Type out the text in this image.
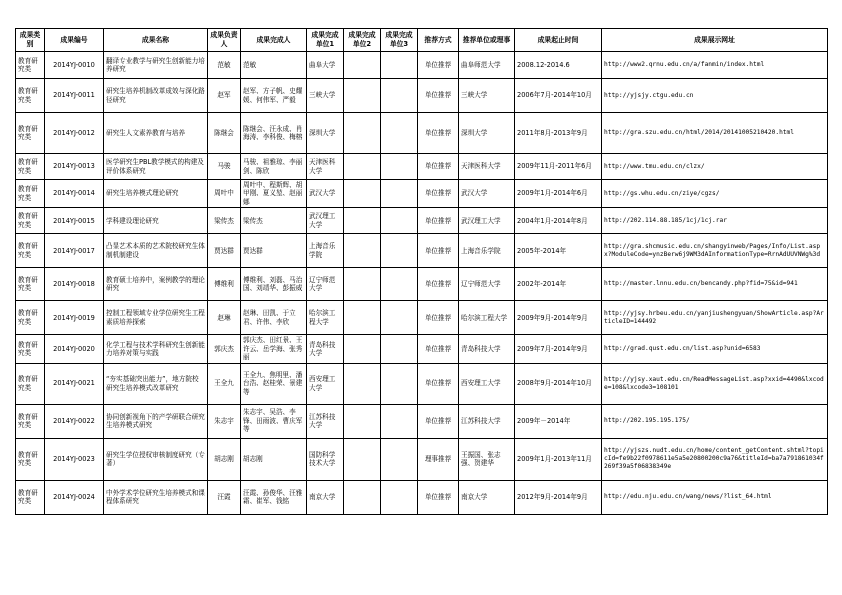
成果类别	成果编号	成果名称	成果负责人	成果完成人	成果完成单位1	成果完成单位2	成果完成单位3	推荐方式	推荐单位或理事	成果起止时间	成果展示网址
教育研究类	2014YJ-0010	翻译专业教学与研究生创新能力培养研究	范敏	范敏	曲阜大学			单位推荐	曲阜师范大学	2008.12-2014.6	http://www2.qrnu.edu.cn/a/fanmin/index.html
教育研究类	2014YJ-0011	研究生培养机制改革成效与深化路径研究	赵军	赵军、方子帆、史耀媛、何伟军、严毅	三峡大学			单位推荐	三峡大学	2006年7月-2014年10月	http://yjsjy.ctgu.edu.cn
教育研究类	2014YJ-0012	研究生人文素养教育与培养	陈继会	陈继会、汪永成、肖海涛、李科俊、梅榕	深圳大学			单位推荐	深圳大学	2011年8月-2013年9月	http://gra.szu.edu.cn/html/2014/20141005210420.html
教育研究类	2014YJ-0013	医学研究生PBL教学模式的构建及评价体系研究	马骏	马骏、祖雅琼、李丽剑、陈欣	天津医科大学			单位推荐	天津医科大学	2009年11月-2011年6月	http://www.tmu.edu.cn/clzx/
教育研究类	2014YJ-0014	研究生培养模式理论研究	周叶中	周叶中、程斯辉、胡甲刚、夏义堃、赵丽娜	武汉大学			单位推荐	武汉大学	2009年1月-2014年6月	http://gs.whu.edu.cn/ziye/cgzs/
教育研究类	2014YJ-0015	学科建设理论研究	梁传杰	梁传杰	武汉理工大学			单位推荐	武汉理工大学	2004年1月-2014年8月	http://202.114.88.185/1cj/1cj.rar
教育研究类	2014YJ-0017	凸显艺术本质的艺术院校研究生体制机制建设	贾达群	贾达群	上海音乐学院			单位推荐	上海音乐学院	2005年-2014年	http://gra.shcmusic.edu.cn/shangyinweb/Pages/Info/List.aspx?ModuleCode=ynzBerw6j9WM3dAInformationType=RrnAdUUVNWg%3d
教育研究类	2014YJ-0018	教育硕士培养中，案例教学的理论研究	傅维利	傅维利、刘磊、马治国、刘靖华、彭振威	辽宁师范大学			单位推荐	辽宁师范大学	2002年-2014年	http://master.lnnu.edu.cn/bencandy.php?fid=75&id=941
教育研究类	2014YJ-0019	控制工程领域专业学位研究生工程素质培养探索	赵琳	赵琳、田凯、于立君、许伟、李欣	哈尔滨工程大学			单位推荐	哈尔滨工程大学	2009年9月-2014年9月	http://yjsy.hrbeu.edu.cn/yanjiushengyuan/ShowArticle.asp?ArticleID=144492
教育研究类	2014YJ-0020	化学工程与技术学科研究生创新能力培养对策与实践	郭庆杰	郭庆杰、田红景、王许云、岳学海、张秀丽	青岛科技大学			单位推荐	青岛科技大学	2009年7月-2014年9月	http://grad.qust.edu.cn/list.asp?unid=6583
教育研究类	2014YJ-0021	“夯实基础突出能力”，地方院校研究生培养模式改革研究	王全九	王全九、焦明里、潘台浩、赵桂荣、景建等	西安理工大学			单位推荐	西安理工大学	2008年9月-2014年10月	http://yjsy.xaut.edu.cn/ReadMessageList.asp?xxid=4490&lxcode=108&lxcode3=108101
教育研究类	2014YJ-0022	协同创新视角下的产学研联合研究生培养模式研究	朱志宇	朱志宇、吴浩、李锋、田雨波、曹庆军等	江苏科技大学			单位推荐	江苏科技大学	2009年－2014年	http://202.195.195.175/
教育研究类	2014YJ-0023	研究生学位授权审核制度研究（专著）	胡志刚	胡志刚	国防科学技术大学			理事推荐	王振国、张志强、贺建华	2009年1月-2013年11月	http://yjszs.nudt.edu.cn/home/content_getContent.shtml?topicId=fe9b22f0978611e5a5e20800200c9a76&titleId=ba7a791861034f269f39a5f06838349e
教育研究类	2014YJ-0024	中外学术学位研究生培养模式和课程体系研究	汪霞	汪霞、孙俊华、汪雅霜、崔军、钱铭	南京大学			单位推荐	南京大学	2012年9月-2014年9月	http://edu.nju.edu.cn/wang/news/?list_64.html
